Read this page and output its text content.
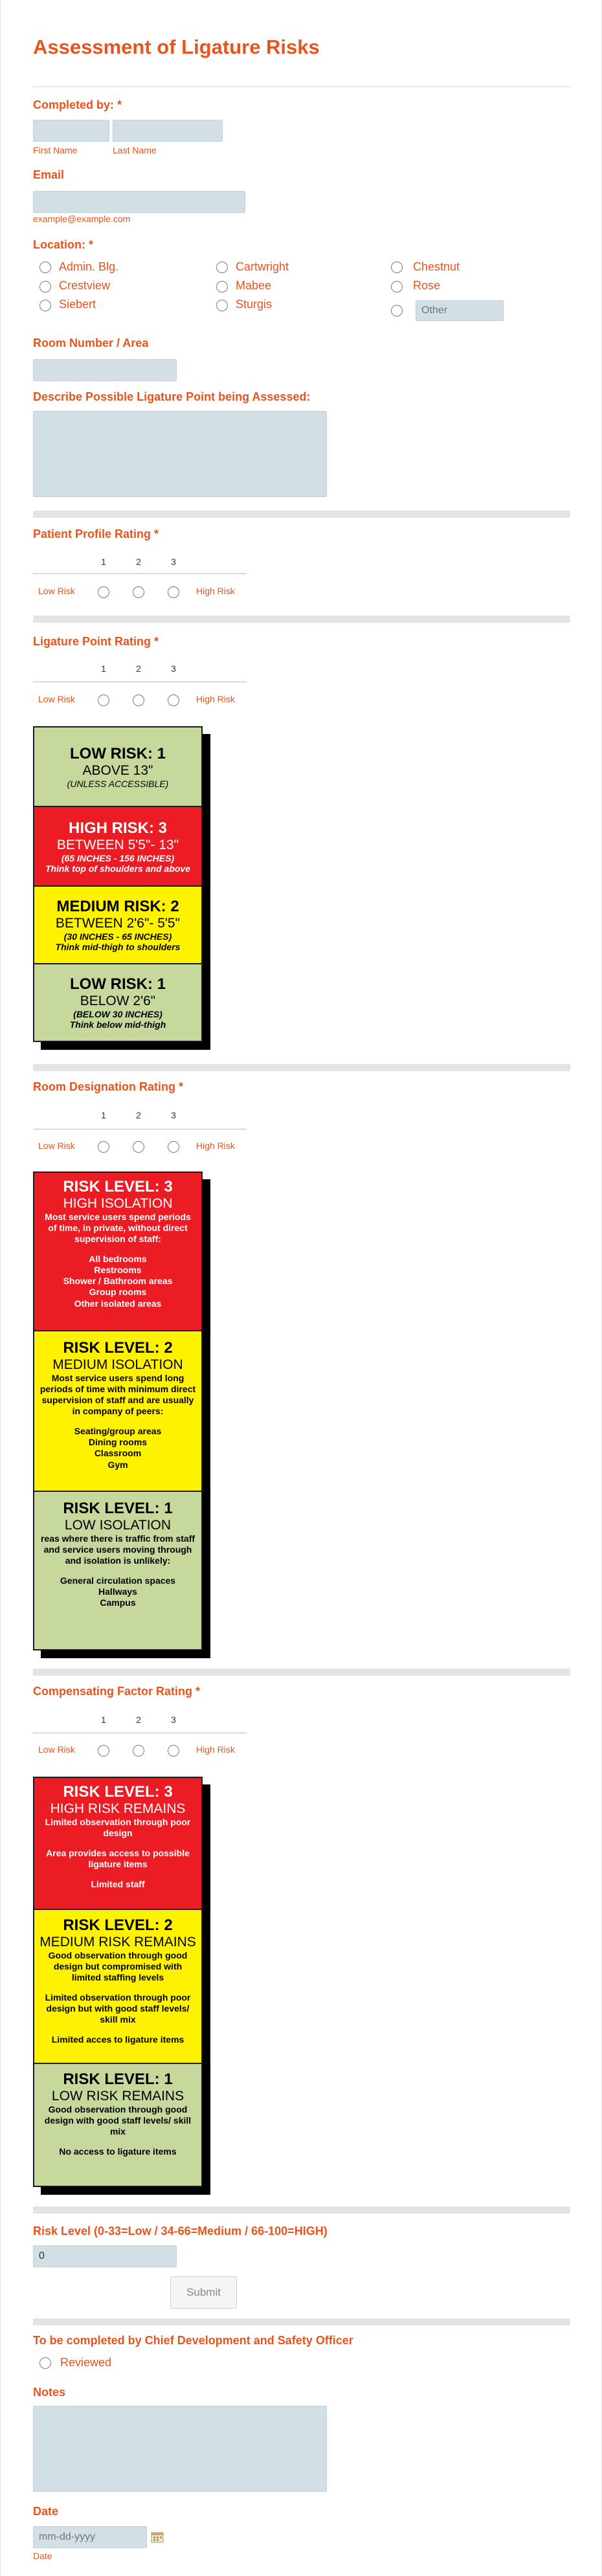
Assessment of Ligature Risks
Completed by: *
First Name	Last Name
Email
example@example.com
Location: *
Admin. Blg.	Cartwright	Chestnut
Crestview	Mabee	Rose
Siebert	Sturgis
Other
Room Number / Area
Describe Possible Ligature Point being Assessed:
Patient Profile Rating *
1	2	3
Low Risk	High Risk
Ligature Point Rating *
1	2	3
Low Risk	High Risk
LOW RISK: 1
ABOVE 13"
(UNLESS ACCESSIBLE)
HIGH RISK: 3
BETWEEN 5'5"- 13"
(65 INCHES - 156 INCHES)
Think top of shoulders and above
MEDIUM RISK: 2
BETWEEN 2'6"- 5'5"
(30 INCHES - 65 INCHES)
Think mid-thigh to shoulders
LOW RISK: 1
BELOW 2'6"
(BELOW 30 INCHES)
Think below mid-thigh
Room Designation Rating *
1	2	3
Low Risk	High Risk
RISK LEVEL: 3
HIGH ISOLATION
Most service users spend periods of time, in private, without direct supervision of staff:
All bedrooms
Restrooms
Shower / Bathroom areas
Group rooms
Other isolated areas
RISK LEVEL: 2
MEDIUM ISOLATION
Most service users spend long periods of time with minimum direct supervision of staff and are usually in company of peers:
Seating/group areas
Dining rooms
Classroom
Gym
RISK LEVEL: 1
LOW ISOLATION
reas where there is traffic from staff and service users moving through and isolation is unlikely:
General circulation spaces
Hallways
Campus
Compensating Factor Rating *
1	2	3
Low Risk	High Risk
RISK LEVEL: 3
HIGH RISK REMAINS
Limited observation through poor design
Area provides access to possible ligature items
Limited staff
RISK LEVEL: 2
MEDIUM RISK REMAINS
Good observation through good design but compromised with limited staffing levels
Limited observation through poor design but with good staff levels/ skill mix
Limited acces to ligature items
RISK LEVEL: 1
LOW RISK REMAINS
Good observation through good design with good staff levels/ skill mix
No access to ligature items
Risk Level (0-33=Low / 34-66=Medium / 66-100=HIGH)
0
Submit
To be completed by Chief Development and Safety Officer
Reviewed
Notes
Date
mm-dd-yyyy
Date
